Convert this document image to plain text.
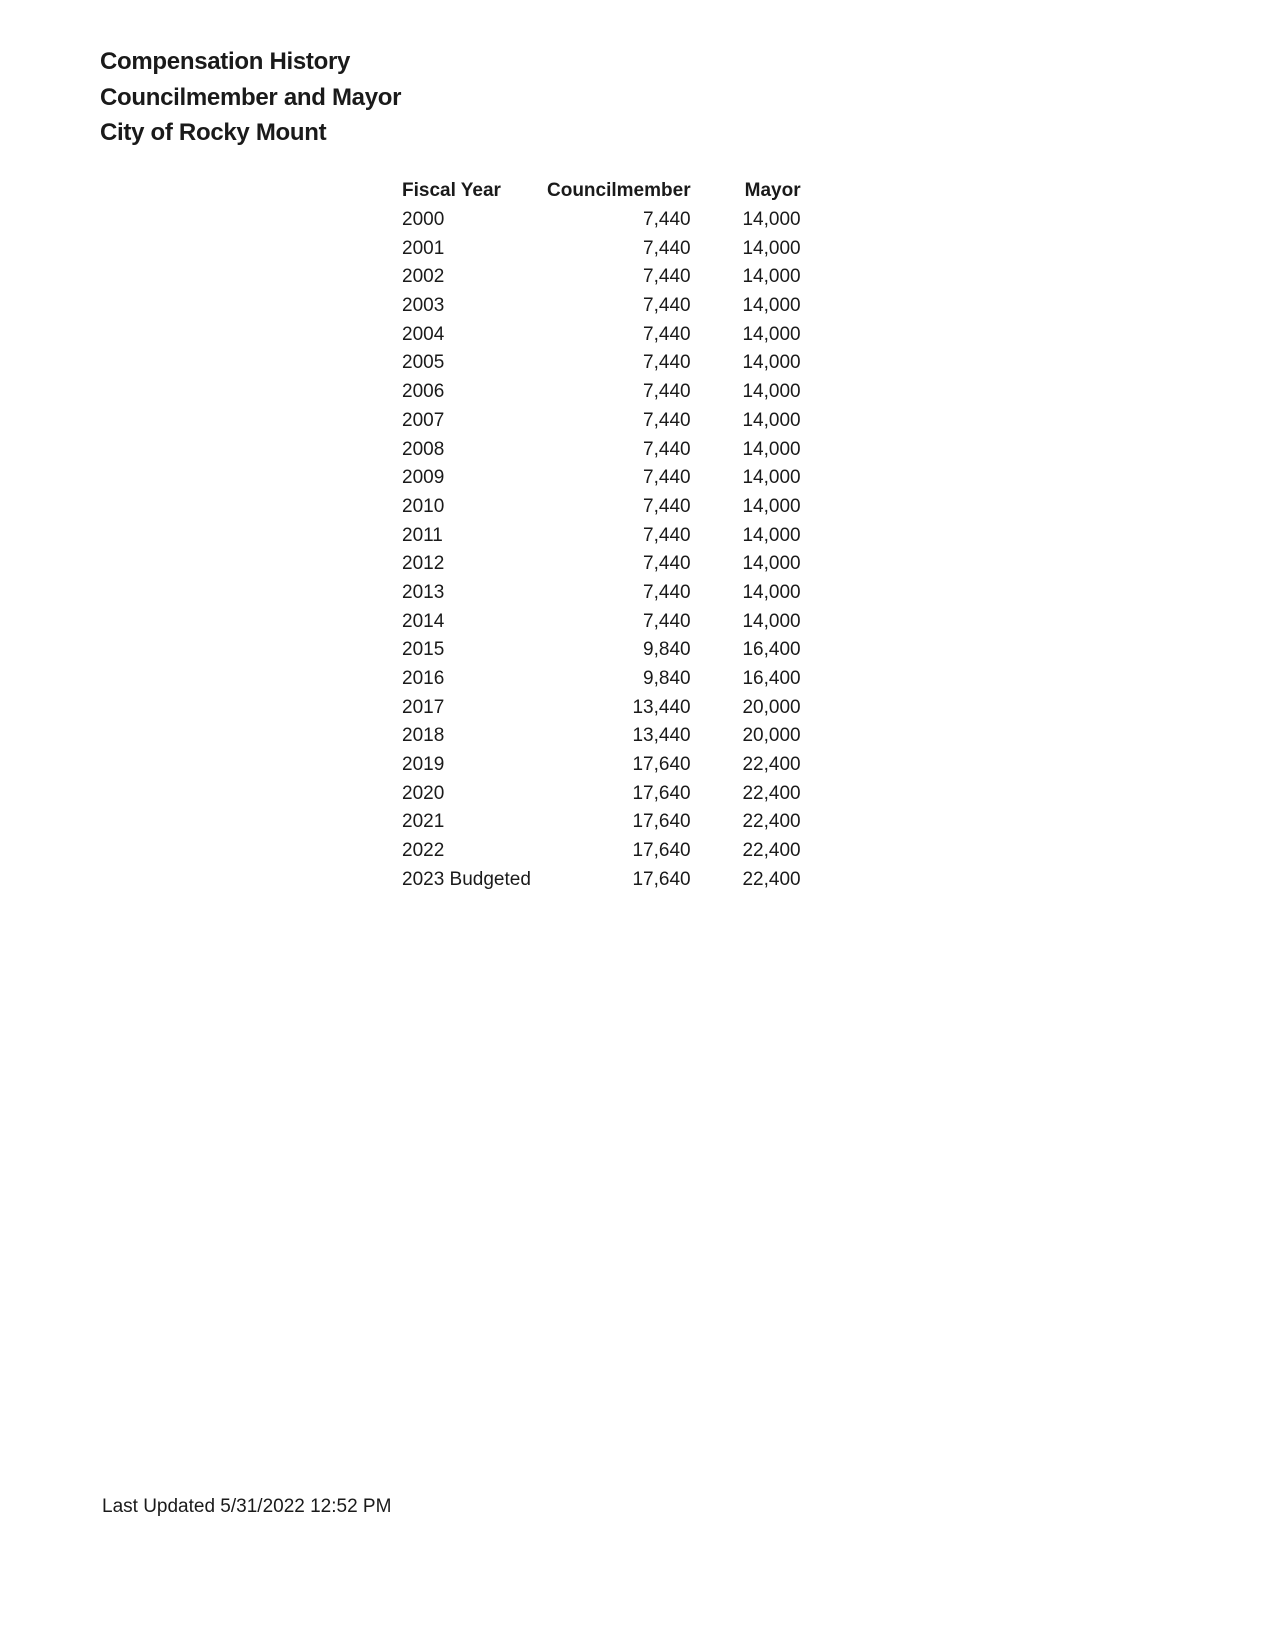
Compensation History
Councilmember and Mayor
City of Rocky Mount
Fiscal Year	Councilmember	Mayor
2000	7,440	14,000
2001	7,440	14,000
2002	7,440	14,000
2003	7,440	14,000
2004	7,440	14,000
2005	7,440	14,000
2006	7,440	14,000
2007	7,440	14,000
2008	7,440	14,000
2009	7,440	14,000
2010	7,440	14,000
2011	7,440	14,000
2012	7,440	14,000
2013	7,440	14,000
2014	7,440	14,000
2015	9,840	16,400
2016	9,840	16,400
2017	13,440	20,000
2018	13,440	20,000
2019	17,640	22,400
2020	17,640	22,400
2021	17,640	22,400
2022	17,640	22,400
2023 Budgeted	17,640	22,400
Last Updated 5/31/2022 12:52 PM
